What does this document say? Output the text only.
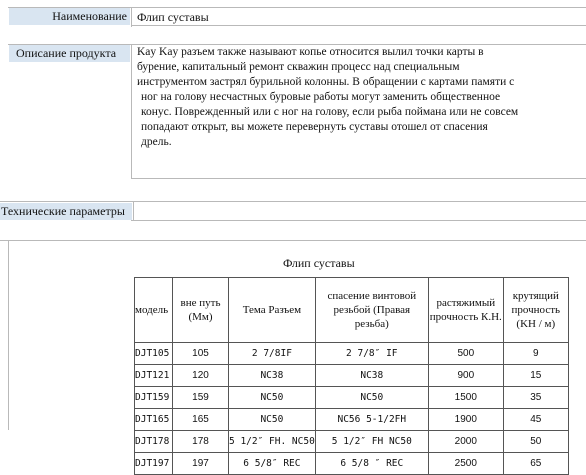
Наименование Флип суставы
Описание продукта	Kay Kay разъем также называют копье относится вылил точки карты в
бурение, капитальный ремонт скважин процесс над специальным
инструментом застрял бурильной колонны. В обращении с картами памяти с
ног на голову несчастных буровые работы могут заменить общественное
конус. Поврежденный или с ног на голову, если рыба поймана или не совсем
попадают открыт, вы можете перевернуть суставы отошел от спасения
дрель.
Технические параметры
Флип суставы
модель	вне путь (Мм)	Тема Разъем	спасение винтовой резьбой (Правая резьба)	растяжимый прочность К.Н.	крутящий прочность (KH / м)
DJT105	105	2 7/8IF	2 7/8″ IF	500	9
DJT121	120	NC38	NC38	900	15
DJT159	159	NC50	NC50	1500	35
DJT165	165	NC50	NC56 5-1/2FH	1900	45
DJT178	178	5 1/2″ FH. NC50	5 1/2″ FH NC50	2000	50
DJT197	197	6 5/8″ REC	6 5/8 ″ REC	2500	65
